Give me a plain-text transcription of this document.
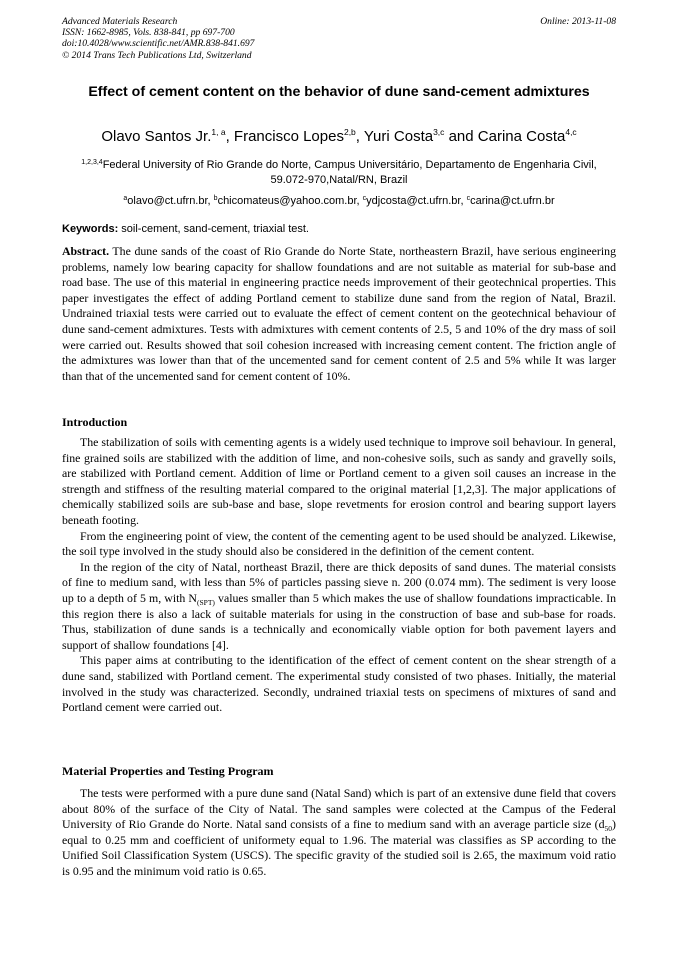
Advanced Materials Research
ISSN: 1662-8985, Vols. 838-841, pp 697-700
doi:10.4028/www.scientific.net/AMR.838-841.697
© 2014 Trans Tech Publications Ltd, Switzerland
Online: 2013-11-08
Effect of cement content on the behavior of dune sand-cement admixtures
Olavo Santos Jr.$^{1, a}$, Francisco Lopes$^{2,b}$, Yuri Costa$^{3,c}$ and Carina Costa$^{4,c}$
$^{1,2,3,4}$Federal University of Rio Grande do Norte, Campus Universitário, Departamento de Engenharia Civil, 59.072-970,Natal/RN, Brazil
$^a$olavo@ct.ufrn.br, $^b$chicomateus@yahoo.com.br, $^c$ydjcosta@ct.ufrn.br, $^c$carina@ct.ufrn.br
Keywords: soil-cement, sand-cement, triaxial test.

Abstract. The dune sands of the coast of Rio Grande do Norte State, northeastern Brazil, have serious engineering problems, namely low bearing capacity for shallow foundations and are not suitable as material for sub-base and road base. The use of this material in engineering practice needs improvement of their geotechnical properties. This paper investigates the effect of adding Portland cement to stabilize dune sand from the region of Natal, Brazil. Undrained triaxial tests were carried out to evaluate the effect of cement content on the geotechnical behaviour of dune sand-cement admixtures. Tests with admixtures with cement contents of 2.5, 5 and 10% of the dry mass of soil were carried out. Results showed that soil cohesion increased with increasing cement content. The friction angle of the admixtures was lower than that of the uncemented sand for cement content of 2.5 and 5% while It was larger than that of the uncemented sand for cement content of 10%.

Introduction

The stabilization of soils with cementing agents is a widely used technique to improve soil behaviour. In general, fine grained soils are stabilized with the addition of lime, and non-cohesive soils, such as sandy and gravelly soils, are stabilized with Portland cement. Addition of lime or Portland cement to a given soil causes an increase in the strength and stiffness of the resulting material compared to the original material [1,2,3]. The major applications of chemically stabilized soils are sub-base and base, slope revetments for erosion control and bearing support layers beneath footing.

From the engineering point of view, the content of the cementing agent to be used should be analyzed. Likewise, the soil type involved in the study should also be considered in the definition of the cement content.

In the region of the city of Natal, northeast Brazil, there are thick deposits of sand dunes. The material consists of fine to medium sand, with less than 5% of particles passing sieve n. 200 (0.074 mm). The sediment is very loose up to a depth of 5 m, with $N_{(SPT)}$ values smaller than 5 which makes the use of shallow foundations impracticable. In this region there is also a lack of suitable materials for using in the construction of base and sub-base for roads. Thus, stabilization of dune sands is a technically and economically viable option for both pavement layers and support of shallow foundations [4].

This paper aims at contributing to the identification of the effect of cement content on the shear strength of a dune sand, stabilized with Portland cement. The experimental study consisted of two phases. Initially, the material involved in the study was characterized. Secondly, undrained triaxial tests on specimens of mixtures of sand and Portland cement were carried out.

Material Properties and Testing Program

The tests were performed with a pure dune sand (Natal Sand) which is part of an extensive dune field that covers about 80% of the surface of the City of Natal. The sand samples were colected at the Campus of the Federal University of Rio Grande do Norte. Natal sand consists of a fine to medium sand with an average particle size $(d_{50})$ equal to 0.25 mm and coefficient of uniformety equal to 1.96. The material was classifies as SP according to the Unified Soil Classification System (USCS). The specific gravity of the studied soil is 2.65, the maximum void ratio is 0.95 and the minimum void ratio is 0.65.
